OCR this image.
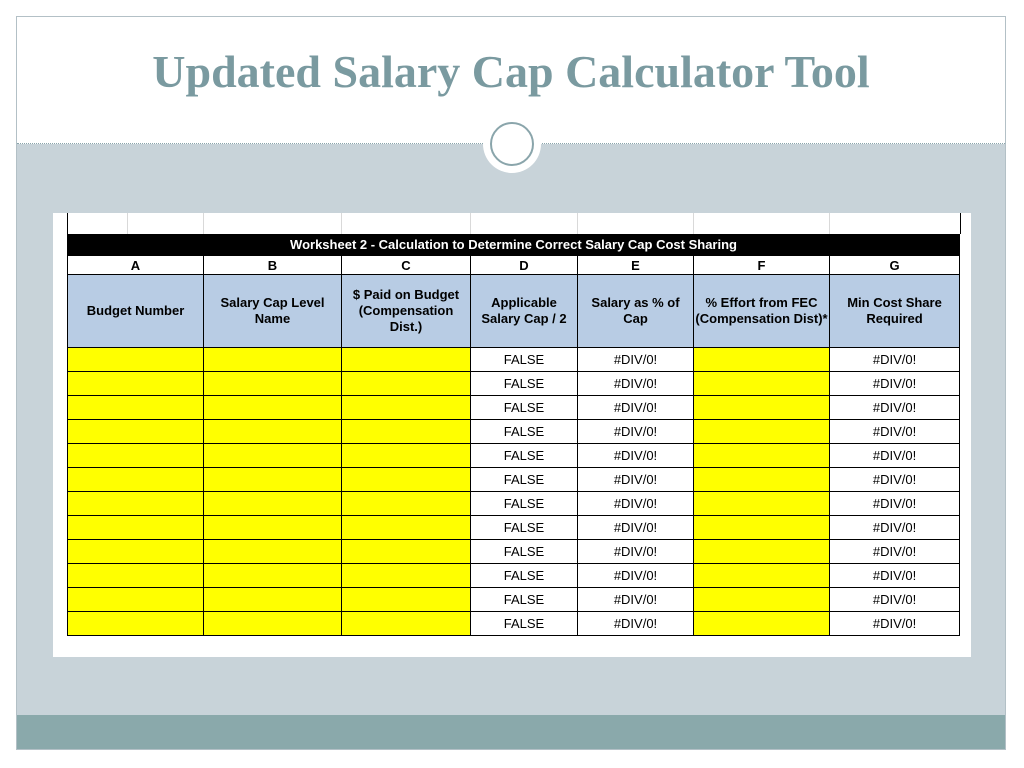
Updated Salary Cap Calculator Tool
Worksheet 2 - Calculation to Determine Correct Salary Cap Cost Sharing						
A	B	C	D	E	F	G
Budget Number	Salary Cap Level Name	$ Paid on Budget (Compensation Dist.)	Applicable Salary Cap / 2	Salary as % of Cap	% Effort from FEC (Compensation Dist)*	Min Cost Share Required
			FALSE	#DIV/0!		#DIV/0!
			FALSE	#DIV/0!		#DIV/0!
			FALSE	#DIV/0!		#DIV/0!
			FALSE	#DIV/0!		#DIV/0!
			FALSE	#DIV/0!		#DIV/0!
			FALSE	#DIV/0!		#DIV/0!
			FALSE	#DIV/0!		#DIV/0!
			FALSE	#DIV/0!		#DIV/0!
			FALSE	#DIV/0!		#DIV/0!
			FALSE	#DIV/0!		#DIV/0!
			FALSE	#DIV/0!		#DIV/0!
			FALSE	#DIV/0!		#DIV/0!
